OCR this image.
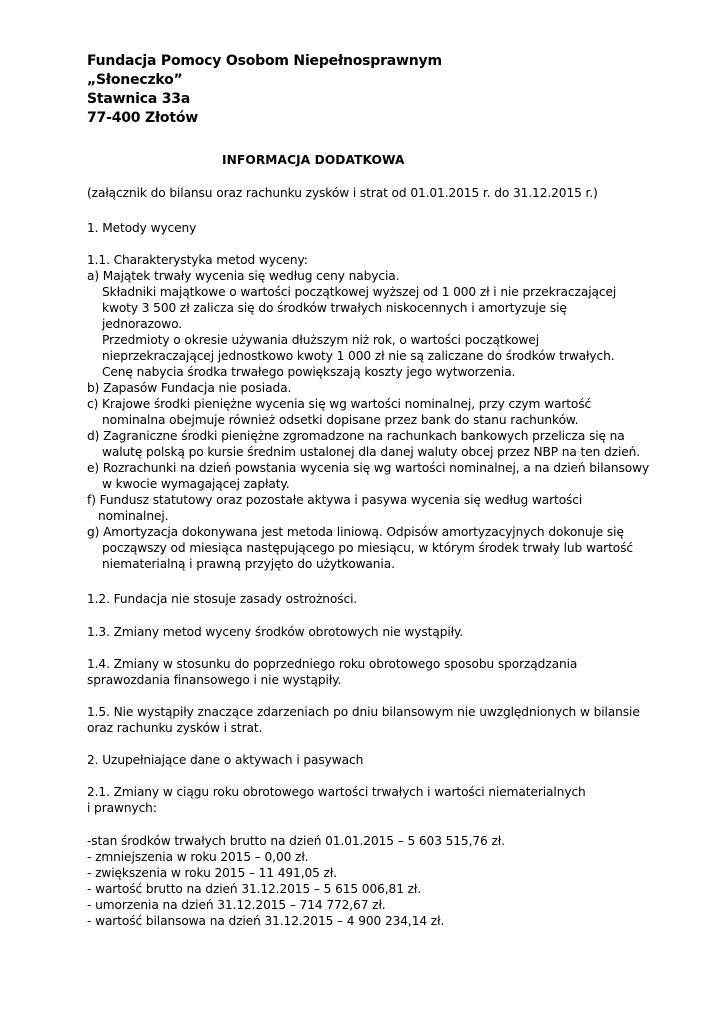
Fundacja Pomocy Osobom Niepełnosprawnym
„Słoneczko”
Stawnica 33a
77-400 Złotów
INFORMACJA DODATKOWA
(załącznik do bilansu oraz rachunku zysków i strat od 01.01.2015 r. do 31.12.2015 r.)
1. Metody wyceny
1.1. Charakterystyka metod wyceny:
a) Majątek trwały wycenia się według ceny nabycia.
Składniki majątkowe o wartości początkowej wyższej od 1 000 zł i nie przekraczającej
kwoty 3 500 zł zalicza się do środków trwałych niskocennych i amortyzuje się
jednorazowo.
Przedmioty o okresie używania dłuższym niż rok, o wartości początkowej
nieprzekraczającej jednostkowo kwoty 1 000 zł nie są zaliczane do środków trwałych.
Cenę nabycia środka trwałego powiększają koszty jego wytworzenia.
b) Zapasów Fundacja nie posiada.
c) Krajowe środki pieniężne wycenia się wg wartości nominalnej, przy czym wartość
nominalna obejmuje również odsetki dopisane przez bank do stanu rachunków.
d) Zagraniczne środki pieniężne zgromadzone na rachunkach bankowych przelicza się na
walutę polską po kursie średnim ustalonej dla danej waluty obcej przez NBP na ten dzień.
e) Rozrachunki na dzień powstania wycenia się wg wartości nominalnej, a na dzień bilansowy
w kwocie wymagającej zapłaty.
f) Fundusz statutowy oraz pozostałe aktywa i pasywa wycenia się według wartości
nominalnej.
g) Amortyzacja dokonywana jest metoda liniową. Odpisów amortyzacyjnych dokonuje się
począwszy od miesiąca następującego po miesiącu, w którym środek trwały lub wartość
niematerialną i prawną przyjęto do użytkowania.
1.2. Fundacja nie stosuje zasady ostrożności.
1.3. Zmiany metod wyceny środków obrotowych nie wystąpiły.
1.4. Zmiany w stosunku do poprzedniego roku obrotowego sposobu sporządzania
sprawozdania finansowego i nie wystąpiły.
1.5. Nie wystąpiły znaczące zdarzeniach po dniu bilansowym nie uwzględnionych w bilansie
oraz rachunku zysków i strat.
2. Uzupełniające dane o aktywach i pasywach
2.1. Zmiany w ciągu roku obrotowego wartości trwałych i wartości niematerialnych
i prawnych:
-stan środków trwałych brutto na dzień 01.01.2015 – 5 603 515,76 zł.
- zmniejszenia w roku 2015 – 0,00 zł.
- zwiększenia w roku 2015 – 11 491,05 zł.
- wartość brutto na dzień 31.12.2015 – 5 615 006,81 zł.
- umorzenia na dzień 31.12.2015 – 714 772,67 zł.
- wartość bilansowa na dzień 31.12.2015 – 4 900 234,14 zł.
